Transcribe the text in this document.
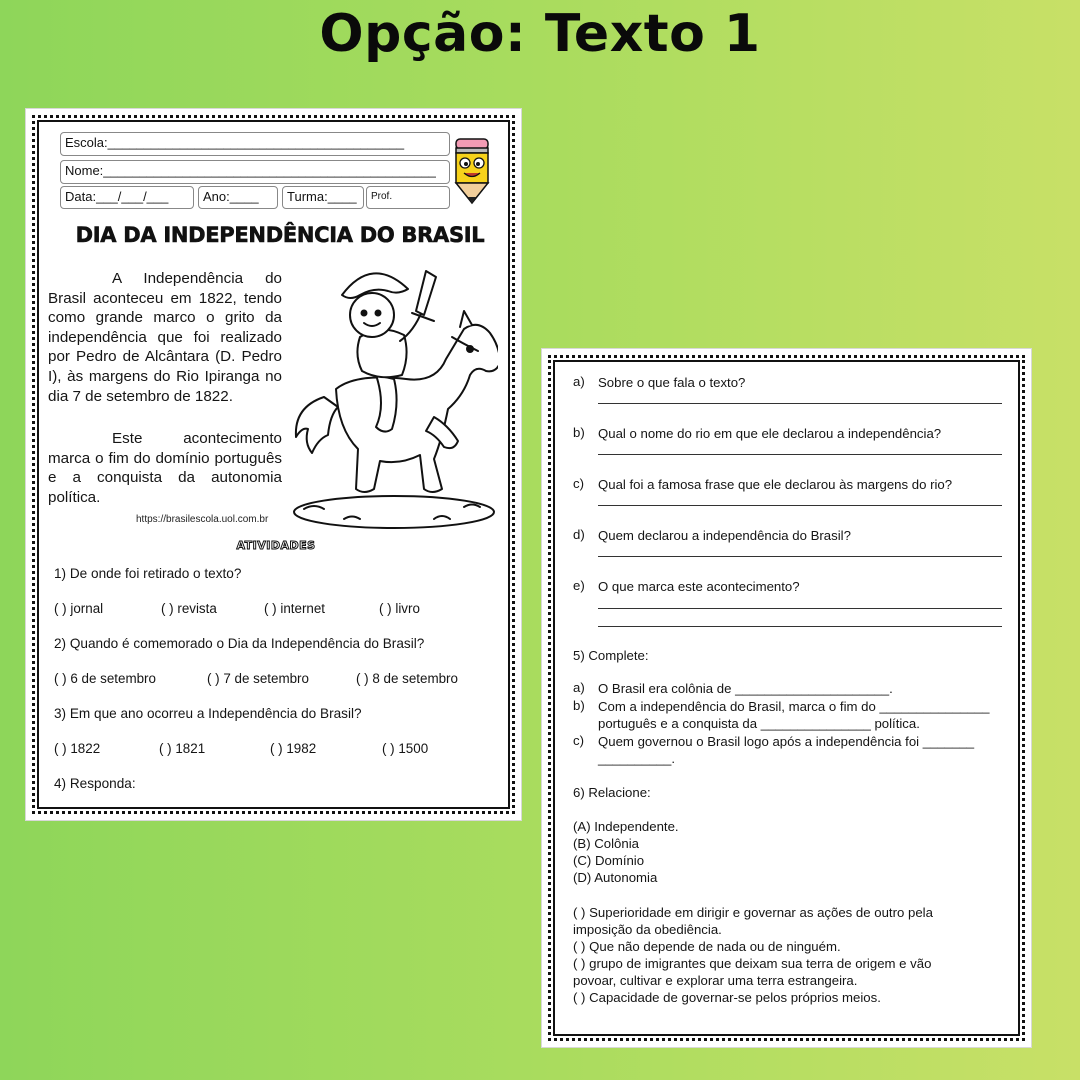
Opção: Texto 1
Escola:_________________________________________
Nome:______________________________________________
Data:___/___/___	Ano:____	Turma:____	Prof.
DIA DA INDEPENDÊNCIA DO BRASIL
A Independência do Brasil aconteceu em 1822, tendo como grande marco o grito da independência que foi realizado por Pedro de Alcântara (D. Pedro I), às margens do Rio Ipiranga no dia 7 de setembro de 1822.
Este acontecimento marca o fim do domínio português e a conquista da autonomia política.
https://brasilescola.uol.com.br
ATIVIDADES
1) De onde foi retirado o texto?
( ) jornal	( ) revista	( ) internet	( ) livro
2) Quando é comemorado o Dia da Independência do Brasil?
( ) 6 de setembro	( ) 7 de setembro	( ) 8 de setembro
3) Em que ano ocorreu a Independência do Brasil?
( ) 1822	( ) 1821	( ) 1982	( ) 1500
4) Responda:
a) Sobre o que fala o texto?
b) Qual o nome do rio em que ele declarou a independência?
c) Qual foi a famosa frase que ele declarou às margens do rio?
d) Quem declarou a independência do Brasil?
e) O que marca este acontecimento?
5) Complete:
a) O Brasil era colônia de _____________________.
b) Com a independência do Brasil, marca o fim do _______________
português e a conquista da _______________ política.
c) Quem governou o Brasil logo após a independência foi _______
__________.
6) Relacione:
(A) Independente.
(B) Colônia
(C) Domínio
(D) Autonomia
( ) Superioridade em dirigir e governar as ações de outro pela
imposição da obediência.
( ) Que não depende de nada ou de ninguém.
( ) grupo de imigrantes que deixam sua terra de origem e vão
povoar, cultivar e explorar uma terra estrangeira.
( ) Capacidade de governar-se pelos próprios meios.
